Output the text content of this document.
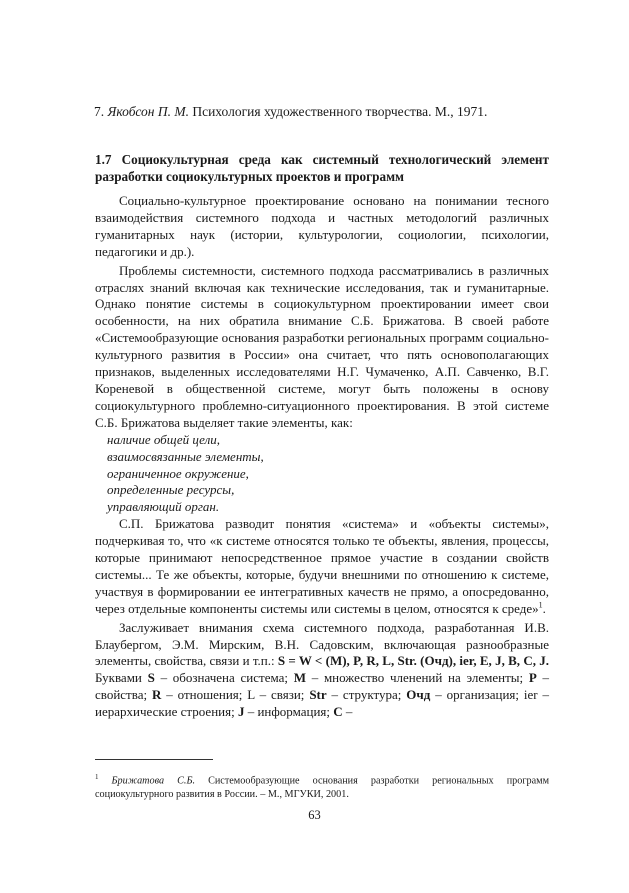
7. Якобсон П. М. Психология художественного творчества. М., 1971.
1.7 Социокультурная среда как системный технологический элемент разработки социокультурных проектов и программ

Социально-культурное проектирование основано на понимании тесного взаимодействия системного подхода и частных методологий различных гуманитарных наук (истории, культурологии, социологии, психологии, педагогики и др.).

Проблемы системности, системного подхода рассматривались в различных отраслях знаний включая как технические исследования, так и гуманитарные. Однако понятие системы в социокультурном проектировании имеет свои особенности, на них обратила внимание С.Б. Брижатова. В своей работе «Системообразующие основания разработки региональных программ социально-культурного развития в России» она считает, что пять основополагающих признаков, выделенных исследователями Н.Г. Чумаченко, А.П. Савченко, В.Г. Кореневой в общественной системе, могут быть положены в основу социокультурного проблемно-ситуационного проектирования. В этой системе С.Б. Брижатова выделяет такие элементы, как:

наличие общей цели,
взаимосвязанные элементы,
ограниченное окружение,
определенные ресурсы,
управляющий орган.

С.П. Брижатова разводит понятия «система» и «объекты системы», подчеркивая то, что «к системе относятся только те объекты, явления, процессы, которые принимают непосредственное прямое участие в создании свойств системы... Те же объекты, которые, будучи внешними по отношению к системе, участвуя в формировании ее интегративных качеств не прямо, а опосредованно, через отдельные компоненты системы или системы в целом, относятся к среде»$^1$.

Заслуживает внимания схема системного подхода, разработанная И.В. Блаубергом, Э.М. Мирским, В.Н. Садовским, включающая разнообразные элементы, свойства, связи и т.п.: S = W < (M), P, R, L, Str. (Очд), ier, E, J, B, C, J. Буквами S – обозначена система; M – множество членений на элементы; P – свойства; R – отношения; L – связи; Str – структура; Очд – организация; ier – иерархические строения; J – информация; C –

$^1$ Брижатова С.Б. Системообразующие основания разработки региональных программ социокультурного развития в России. – М., МГУКИ, 2001.
63
